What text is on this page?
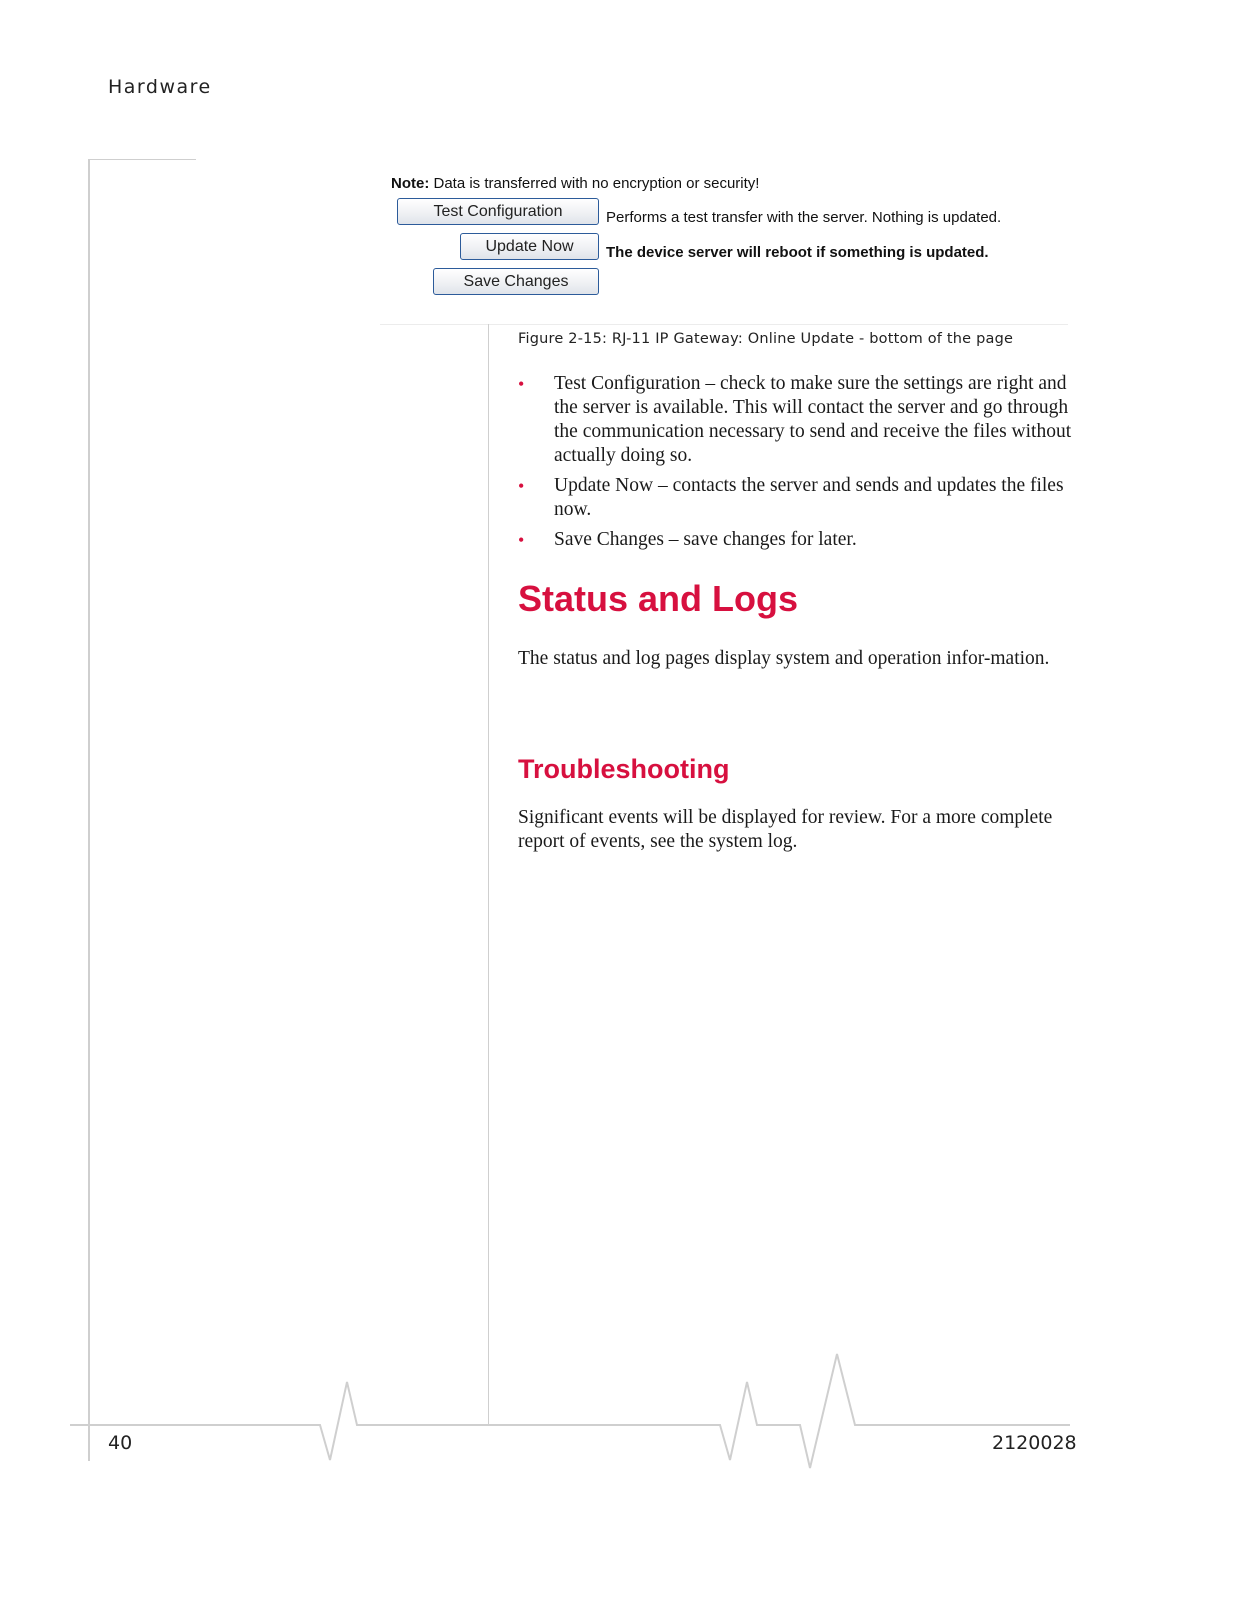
Hardware
Note: Data is transferred with no encryption or security!
Test Configuration	Performs a test transfer with the server. Nothing is updated.
Update Now	The device server will reboot if something is updated.
Save Changes
Figure 2-15: RJ-11 IP Gateway: Online Update - bottom of the page
• Test Configuration – check to make sure the settings are right and the server is available. This will contact the server and go through the communication necessary to send and receive the files without actually doing so.
• Update Now – contacts the server and sends and updates the files now.
• Save Changes – save changes for later.
Status and Logs

The status and log pages display system and operation infor-mation.

Troubleshooting

Significant events will be displayed for review. For a more complete report of events, see the system log.

40	2120028
